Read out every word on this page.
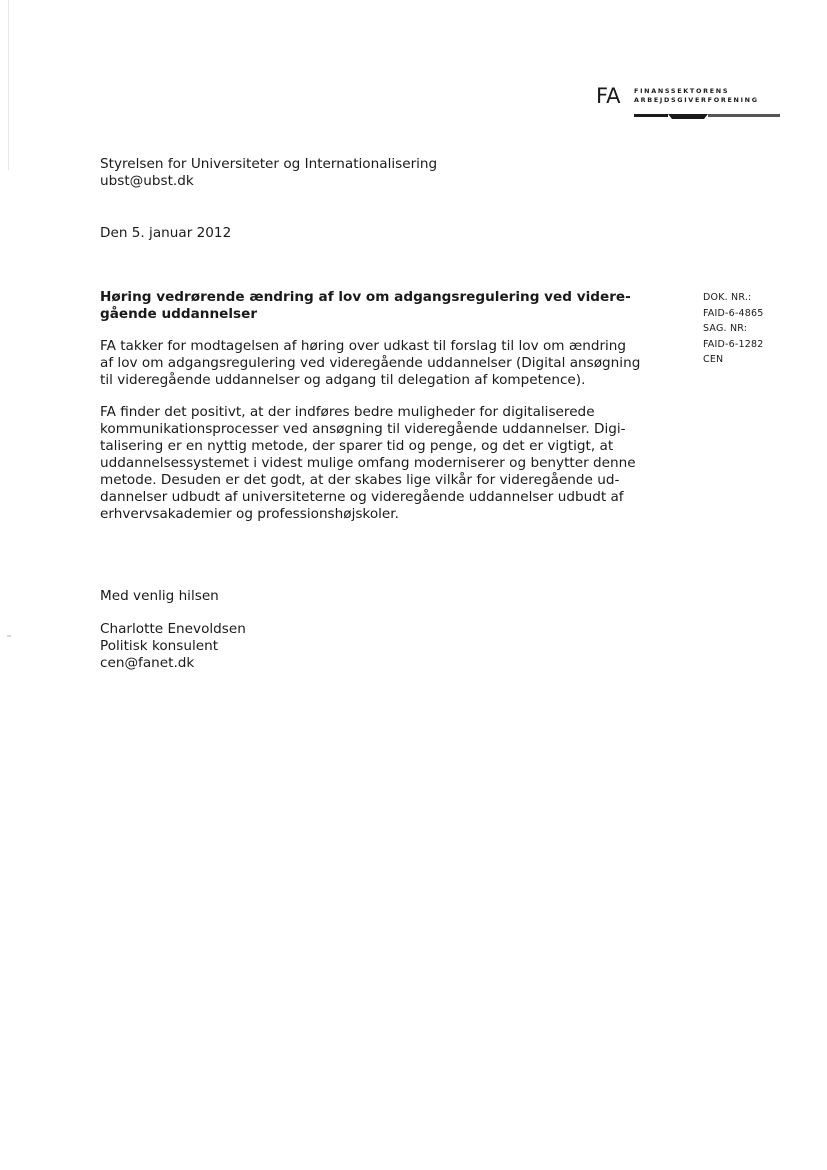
FA FINANSSEKTORENS
ARBEJDSGIVERFORENING
Styrelsen for Universiteter og Internationalisering
ubst@ubst.dk
Den 5. januar 2012
DOK. NR.:
FAID-6-4865
SAG. NR:
FAID-6-1282
CEN
Høring vedrørende ændring af lov om adgangsregulering ved videre-
gående uddannelser
FA takker for modtagelsen af høring over udkast til forslag til lov om ændring
af lov om adgangsregulering ved videregående uddannelser (Digital ansøgning
til videregående uddannelser og adgang til delegation af kompetence).
FA finder det positivt, at der indføres bedre muligheder for digitaliserede
kommunikationsprocesser ved ansøgning til videregående uddannelser. Digi-
talisering er en nyttig metode, der sparer tid og penge, og det er vigtigt, at
uddannelsessystemet i videst mulige omfang moderniserer og benytter denne
metode. Desuden er det godt, at der skabes lige vilkår for videregående ud-
dannelser udbudt af universiteterne og videregående uddannelser udbudt af
erhvervsakademier og professionshøjskoler.
Med venlig hilsen
Charlotte Enevoldsen
Politisk konsulent
cen@fanet.dk
